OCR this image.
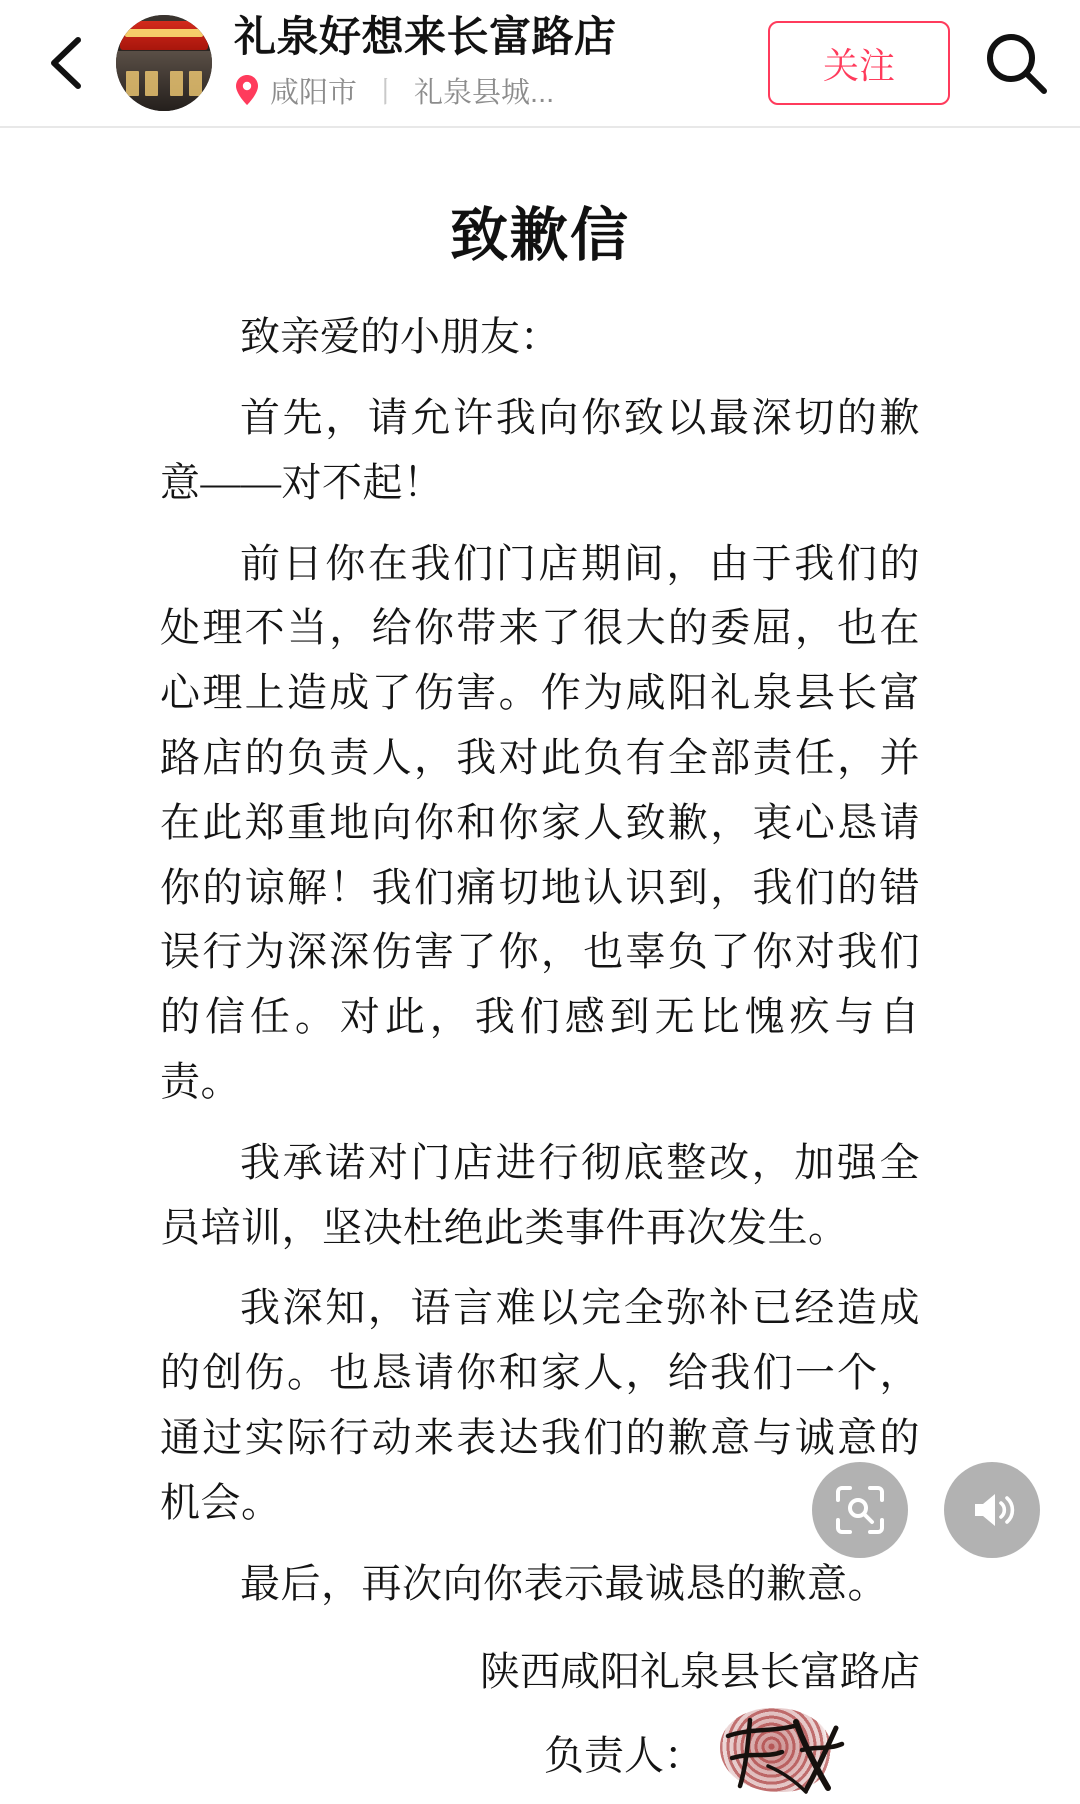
礼泉好想来长富路店
咸阳市 丨 礼泉县城...
关注
致歉信

致亲爱的小朋友：

首先，请允许我向你致以最深切的歉意——对不起！

前日你在我们门店期间，由于我们的处理不当，给你带来了很大的委屈，也在心理上造成了伤害。作为咸阳礼泉县长富路店的负责人，我对此负有全部责任，并在此郑重地向你和你家人致歉，衷心恳请你的谅解！我们痛切地认识到，我们的错误行为深深伤害了你，也辜负了你对我们的信任。对此，我们感到无比愧疚与自责。

我承诺对门店进行彻底整改，加强全员培训，坚决杜绝此类事件再次发生。

我深知，语言难以完全弥补已经造成的创伤。也恳请你和家人，给我们一个，通过实际行动来表达我们的歉意与诚意的机会。

最后，再次向你表示最诚恳的歉意。

陕西咸阳礼泉县长富路店
负责人：
